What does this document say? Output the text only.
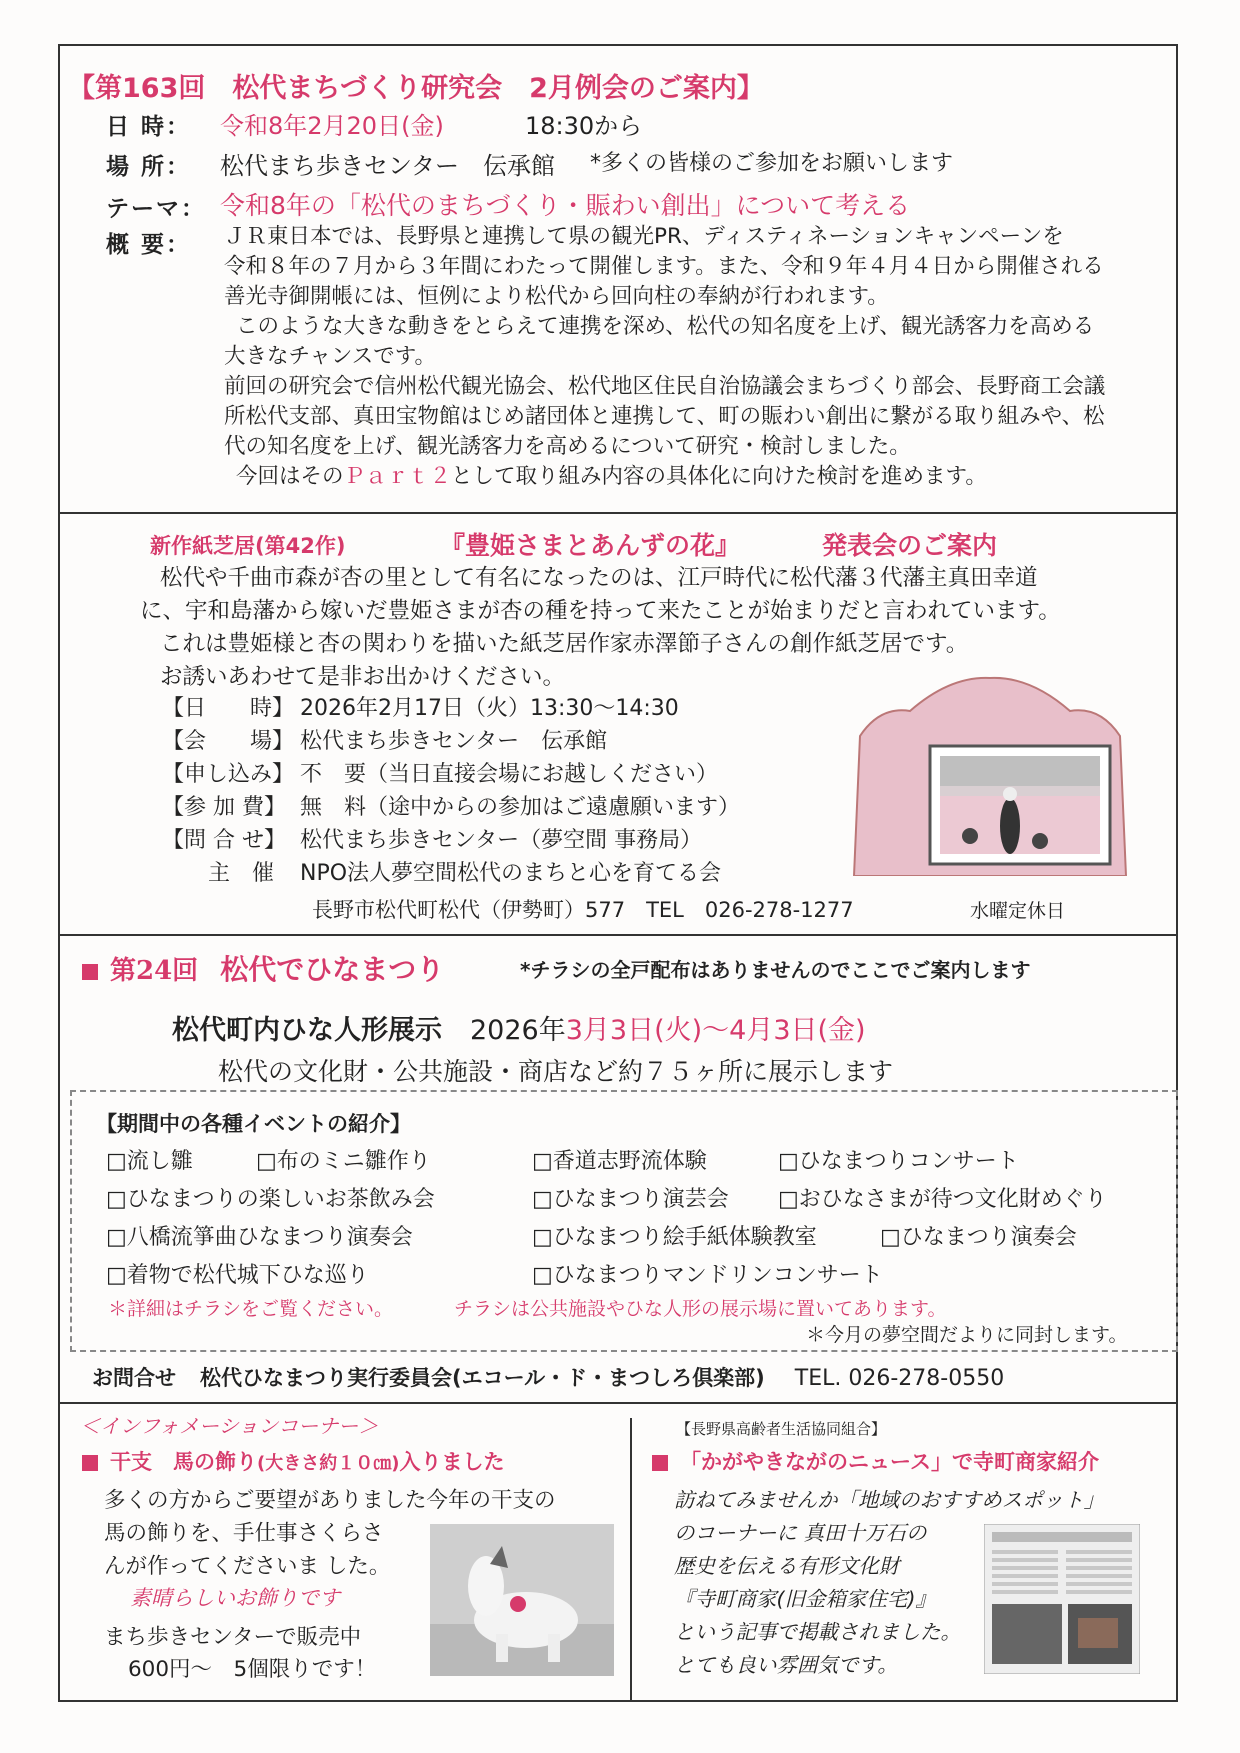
【第163回　松代まちづくり研究会　2月例会のご案内】
日 時： 令和8年2月20日(金)	18:30から
場 所： 松代まち歩きセンター　伝承館 *多くの皆様のご参加をお願いします
テーマ： 令和8年の「松代のまちづくり・賑わい創出」について考える
概 要： ＪＲ東日本では、長野県と連携して県の観光PR、ディスティネーションキャンペーンを
令和８年の７月から３年間にわたって開催します。また、令和９年４月４日から開催される
善光寺御開帳には、恒例により松代から回向柱の奉納が行われます。
このような大きな動きをとらえて連携を深め、松代の知名度を上げ、観光誘客力を高める
大きなチャンスです。
前回の研究会で信州松代観光協会、松代地区住民自治協議会まちづくり部会、長野商工会議
所松代支部、真田宝物館はじめ諸団体と連携して、町の賑わい創出に繋がる取り組みや、松
代の知名度を上げ、観光誘客力を高めるについて研究・検討しました。
今回はそのＰａｒｔ２として取り組み内容の具体化に向けた検討を進めます。
新作紙芝居(第42作)	『豊姫さまとあんずの花』	発表会のご案内
松代や千曲市森が杏の里として有名になったのは、江戸時代に松代藩３代藩主真田幸道
に、宇和島藩から嫁いだ豊姫さまが杏の種を持って来たことが始まりだと言われています。
これは豊姫様と杏の関わりを描いた紙芝居作家赤澤節子さんの創作紙芝居です。
お誘いあわせて是非お出かけください。
【日　　時】 2026年2月17日（火）13:30～14:30
【会　　場】 松代まち歩きセンター　伝承館
【申し込み】 不　要（当日直接会場にお越しください）
【参 加 費】 無　料（途中からの参加はご遠慮願います）
【問 合 せ】 松代まち歩きセンター（夢空間 事務局）
主　催 NPO法人夢空間松代のまちと心を育てる会
長野市松代町松代（伊勢町）577　TEL　026-278-1277	水曜定休日
第24回 松代でひなまつり	*チラシの全戸配布はありませんのでここでご案内します
松代町内ひな人形展示 2026年3月3日(火)～4月3日(金)
松代の文化財・公共施設・商店など約７５ヶ所に展示します
【期間中の各種イベントの紹介】
□流し雛	□布のミニ雛作り	□香道志野流体験	□ひなまつりコンサート
□ひなまつりの楽しいお茶飲み会	□ひなまつり演芸会 □おひなさまが待つ文化財めぐり
□八橋流箏曲ひなまつり演奏会	□ひなまつり絵手紙体験教室	□ひなまつり演奏会
□着物で松代城下ひな巡り	□ひなまつりマンドリンコンサート
＊詳細はチラシをご覧ください。	チラシは公共施設やひな人形の展示場に置いてあります。
＊今月の夢空間だよりに同封します。
お問合せ 松代ひなまつり実行委員会(エコール・ド・まつしろ倶楽部) TEL. 026-278-0550
＜インフォメーションコーナー＞
干支　馬の飾り(大きさ約１０㎝)入りました
多くの方からご要望がありました今年の干支の
馬の飾りを、手仕事さくらさ
んが作ってくださいま した。
素晴らしいお飾りです
まち歩きセンターで販売中
600円～　5個限りです！
【長野県高齢者生活協同組合】
「かがやきながのニュース」で寺町商家紹介
訪ねてみませんか「地域のおすすめスポット」
のコーナーに 真田十万石の
歴史を伝える有形文化財
『寺町商家(旧金箱家住宅)』
という記事で掲載されました。
とても良い雰囲気です。
